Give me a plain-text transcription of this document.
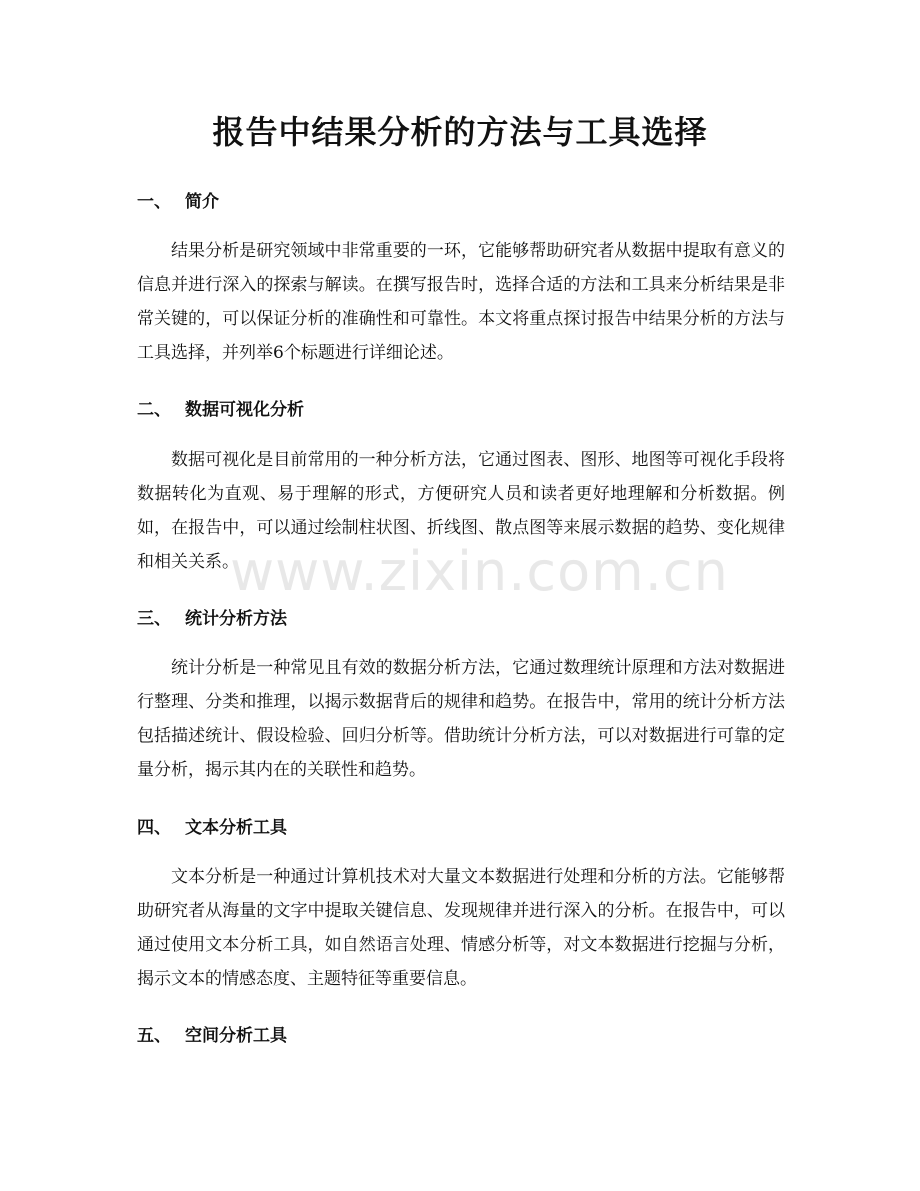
报告中结果分析的方法与工具选择
一、 简介

结果分析是研究领域中非常重要的一环，它能够帮助研究者从数据中提取有意义的信息并进行深入的探索与解读。在撰写报告时，选择合适的方法和工具来分析结果是非常关键的，可以保证分析的准确性和可靠性。本文将重点探讨报告中结果分析的方法与工具选择，并列举6个标题进行详细论述。

二、 数据可视化分析

数据可视化是目前常用的一种分析方法，它通过图表、图形、地图等可视化手段将数据转化为直观、易于理解的形式，方便研究人员和读者更好地理解和分析数据。例如，在报告中，可以通过绘制柱状图、折线图、散点图等来展示数据的趋势、变化规律和相关关系。

三、 统计分析方法

统计分析是一种常见且有效的数据分析方法，它通过数理统计原理和方法对数据进行整理、分类和推理，以揭示数据背后的规律和趋势。在报告中，常用的统计分析方法包括描述统计、假设检验、回归分析等。借助统计分析方法，可以对数据进行可靠的定量分析，揭示其内在的关联性和趋势。

四、 文本分析工具

文本分析是一种通过计算机技术对大量文本数据进行处理和分析的方法。它能够帮助研究者从海量的文字中提取关键信息、发现规律并进行深入的分析。在报告中，可以通过使用文本分析工具，如自然语言处理、情感分析等，对文本数据进行挖掘与分析，揭示文本的情感态度、主题特征等重要信息。

五、 空间分析工具
www.zixin.com.cn
